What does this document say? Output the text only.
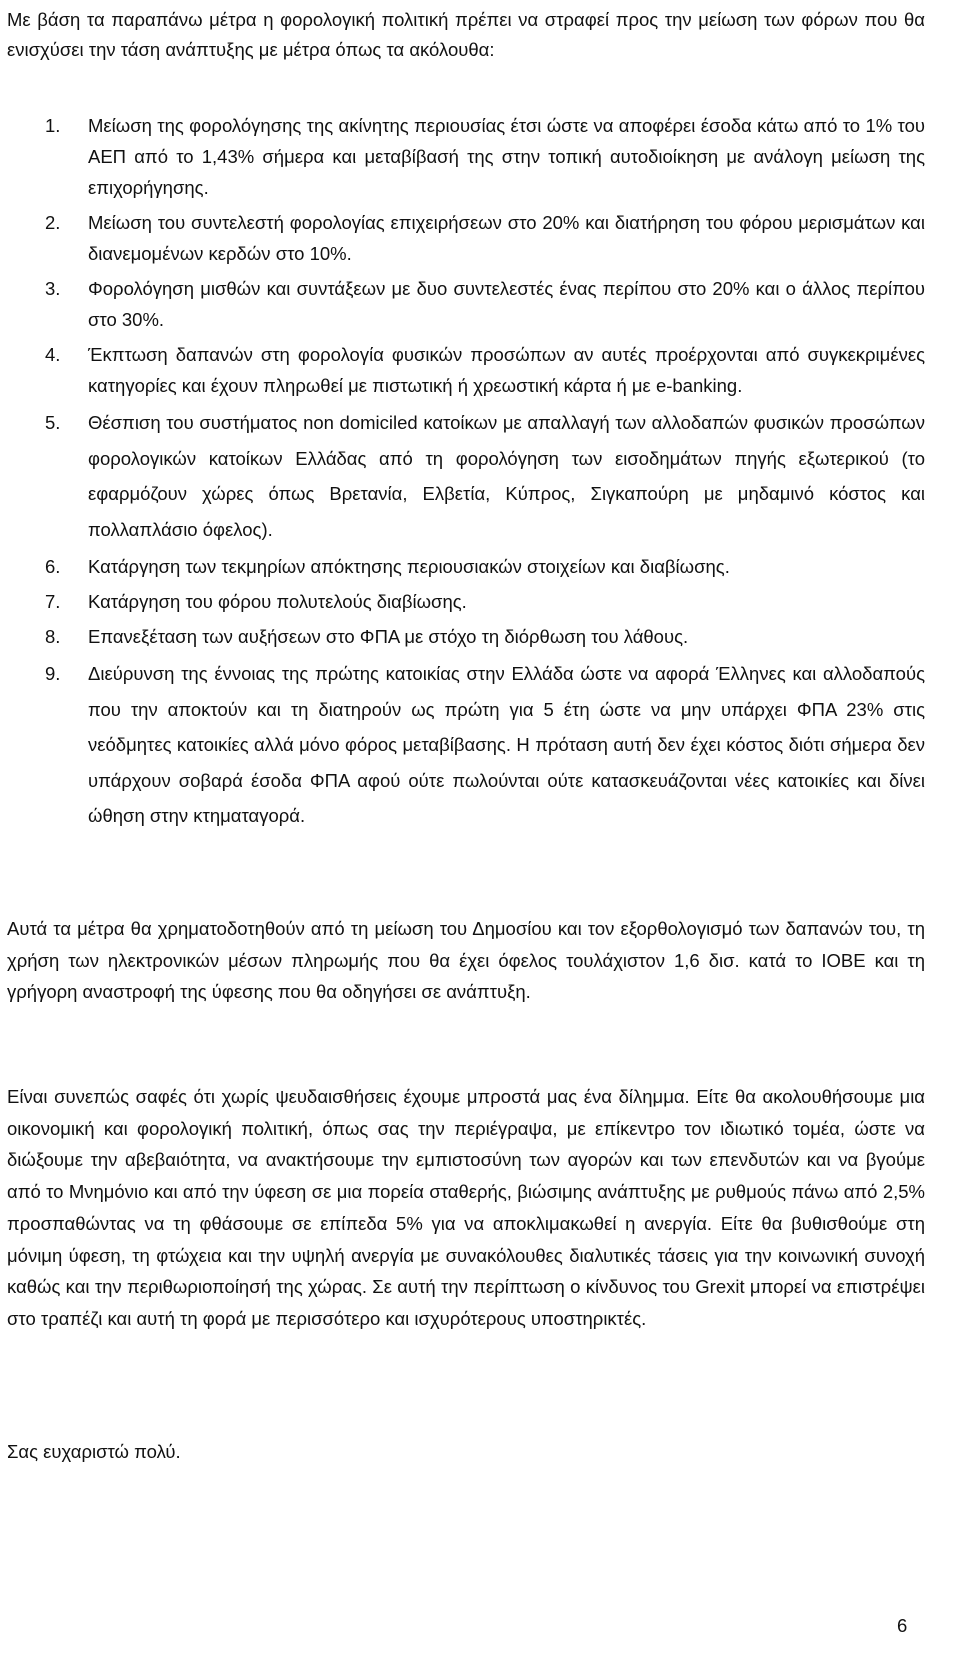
Με βάση τα παραπάνω μέτρα η φορολογική πολιτική πρέπει να στραφεί προς την μείωση των φόρων που θα ενισχύσει την τάση ανάπτυξης με μέτρα όπως τα ακόλουθα:

1. Μείωση της φορολόγησης της ακίνητης περιουσίας έτσι ώστε να αποφέρει έσοδα κάτω από το 1% του ΑΕΠ από το 1,43% σήμερα και μεταβίβασή της στην τοπική αυτοδιοίκηση με ανάλογη μείωση της επιχορήγησης.
2. Μείωση του συντελεστή φορολογίας επιχειρήσεων στο 20% και διατήρηση του φόρου μερισμάτων και διανεμομένων κερδών στο 10%.
3. Φορολόγηση μισθών και συντάξεων με δυο συντελεστές ένας περίπου στο 20% και ο άλλος περίπου στο 30%.
4. Έκπτωση δαπανών στη φορολογία φυσικών προσώπων αν αυτές προέρχονται από συγκεκριμένες κατηγορίες και έχουν πληρωθεί με πιστωτική ή χρεωστική κάρτα ή με e-banking.
5. Θέσπιση του συστήματος non domiciled κατοίκων με απαλλαγή των αλλοδαπών φυσικών προσώπων φορολογικών κατοίκων Ελλάδας από τη φορολόγηση των εισοδημάτων πηγής εξωτερικού (το εφαρμόζουν χώρες όπως Βρετανία, Ελβετία, Κύπρος, Σιγκαπούρη με μηδαμινό κόστος και πολλαπλάσιο όφελος).
6. Κατάργηση των τεκμηρίων απόκτησης περιουσιακών στοιχείων και διαβίωσης.
7. Κατάργηση του φόρου πολυτελούς διαβίωσης.
8. Επανεξέταση των αυξήσεων στο ΦΠΑ με στόχο τη διόρθωση του λάθους.
9. Διεύρυνση της έννοιας της πρώτης κατοικίας στην Ελλάδα ώστε να αφορά Έλληνες και αλλοδαπούς που την αποκτούν και τη διατηρούν ως πρώτη για 5 έτη ώστε να μην υπάρχει ΦΠΑ 23% στις νεόδμητες κατοικίες αλλά μόνο φόρος μεταβίβασης. Η πρόταση αυτή δεν έχει κόστος διότι σήμερα δεν υπάρχουν σοβαρά έσοδα ΦΠΑ αφού ούτε πωλούνται ούτε κατασκευάζονται νέες κατοικίες και δίνει ώθηση στην κτηματαγορά.

Αυτά τα μέτρα θα χρηματοδοτηθούν από τη μείωση του Δημοσίου και τον εξορθολογισμό των δαπανών του, τη χρήση των ηλεκτρονικών μέσων πληρωμής που θα έχει όφελος τουλάχιστον 1,6 δισ. κατά το ΙΟΒΕ και τη γρήγορη αναστροφή της ύφεσης που θα οδηγήσει σε ανάπτυξη.

Είναι συνεπώς σαφές ότι χωρίς ψευδαισθήσεις έχουμε μπροστά μας ένα δίλημμα. Είτε θα ακολουθήσουμε μια οικονομική και φορολογική πολιτική, όπως σας την περιέγραψα, με επίκεντρο τον ιδιωτικό τομέα, ώστε να διώξουμε την αβεβαιότητα, να ανακτήσουμε την εμπιστοσύνη των αγορών και των επενδυτών και να βγούμε από το Μνημόνιο και από την ύφεση σε μια πορεία σταθερής, βιώσιμης ανάπτυξης με ρυθμούς πάνω από 2,5% προσπαθώντας να τη φθάσουμε σε επίπεδα 5% για να αποκλιμακωθεί η ανεργία. Είτε θα βυθισθούμε στη μόνιμη ύφεση, τη φτώχεια και την υψηλή ανεργία με συνακόλουθες διαλυτικές τάσεις για την κοινωνική συνοχή καθώς και την περιθωριοποίησή της χώρας. Σε αυτή την περίπτωση ο κίνδυνος του Grexit μπορεί να επιστρέψει στο τραπέζι και αυτή τη φορά με περισσότερο και ισχυρότερους υποστηρικτές.

Σας ευχαριστώ πολύ.

6
